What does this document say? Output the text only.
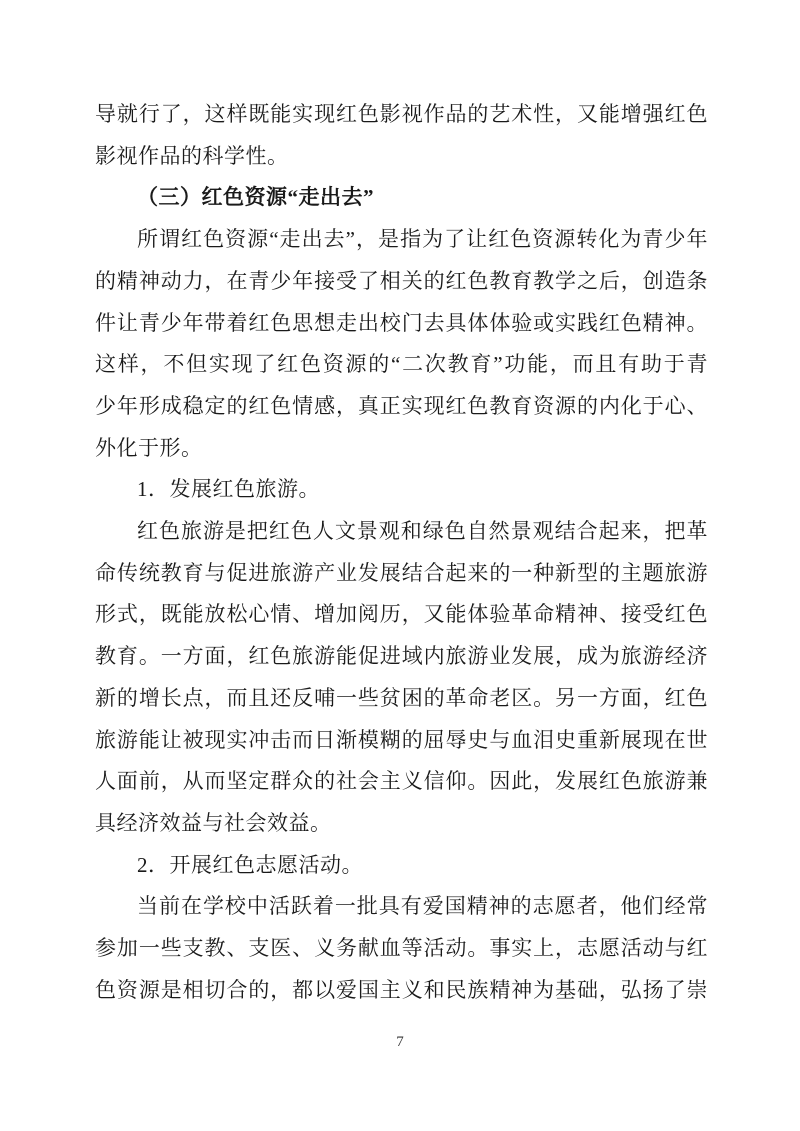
导就行了，这样既能实现红色影视作品的艺术性，又能增强红色
影视作品的科学性。
（三）红色资源“走出去”
所谓红色资源“走出去”，是指为了让红色资源转化为青少年
的精神动力，在青少年接受了相关的红色教育教学之后，创造条
件让青少年带着红色思想走出校门去具体体验或实践红色精神。
这样，不但实现了红色资源的“二次教育”功能，而且有助于青
少年形成稳定的红色情感，真正实现红色教育资源的内化于心、
外化于形。
1．发展红色旅游。
红色旅游是把红色人文景观和绿色自然景观结合起来，把革
命传统教育与促进旅游产业发展结合起来的一种新型的主题旅游
形式，既能放松心情、增加阅历，又能体验革命精神、接受红色
教育。一方面，红色旅游能促进域内旅游业发展，成为旅游经济
新的增长点，而且还反哺一些贫困的革命老区。另一方面，红色
旅游能让被现实冲击而日渐模糊的屈辱史与血泪史重新展现在世
人面前，从而坚定群众的社会主义信仰。因此，发展红色旅游兼
具经济效益与社会效益。
2．开展红色志愿活动。
当前在学校中活跃着一批具有爱国精神的志愿者，他们经常
参加一些支教、支医、义务献血等活动。事实上，志愿活动与红
色资源是相切合的，都以爱国主义和民族精神为基础，弘扬了崇
7
